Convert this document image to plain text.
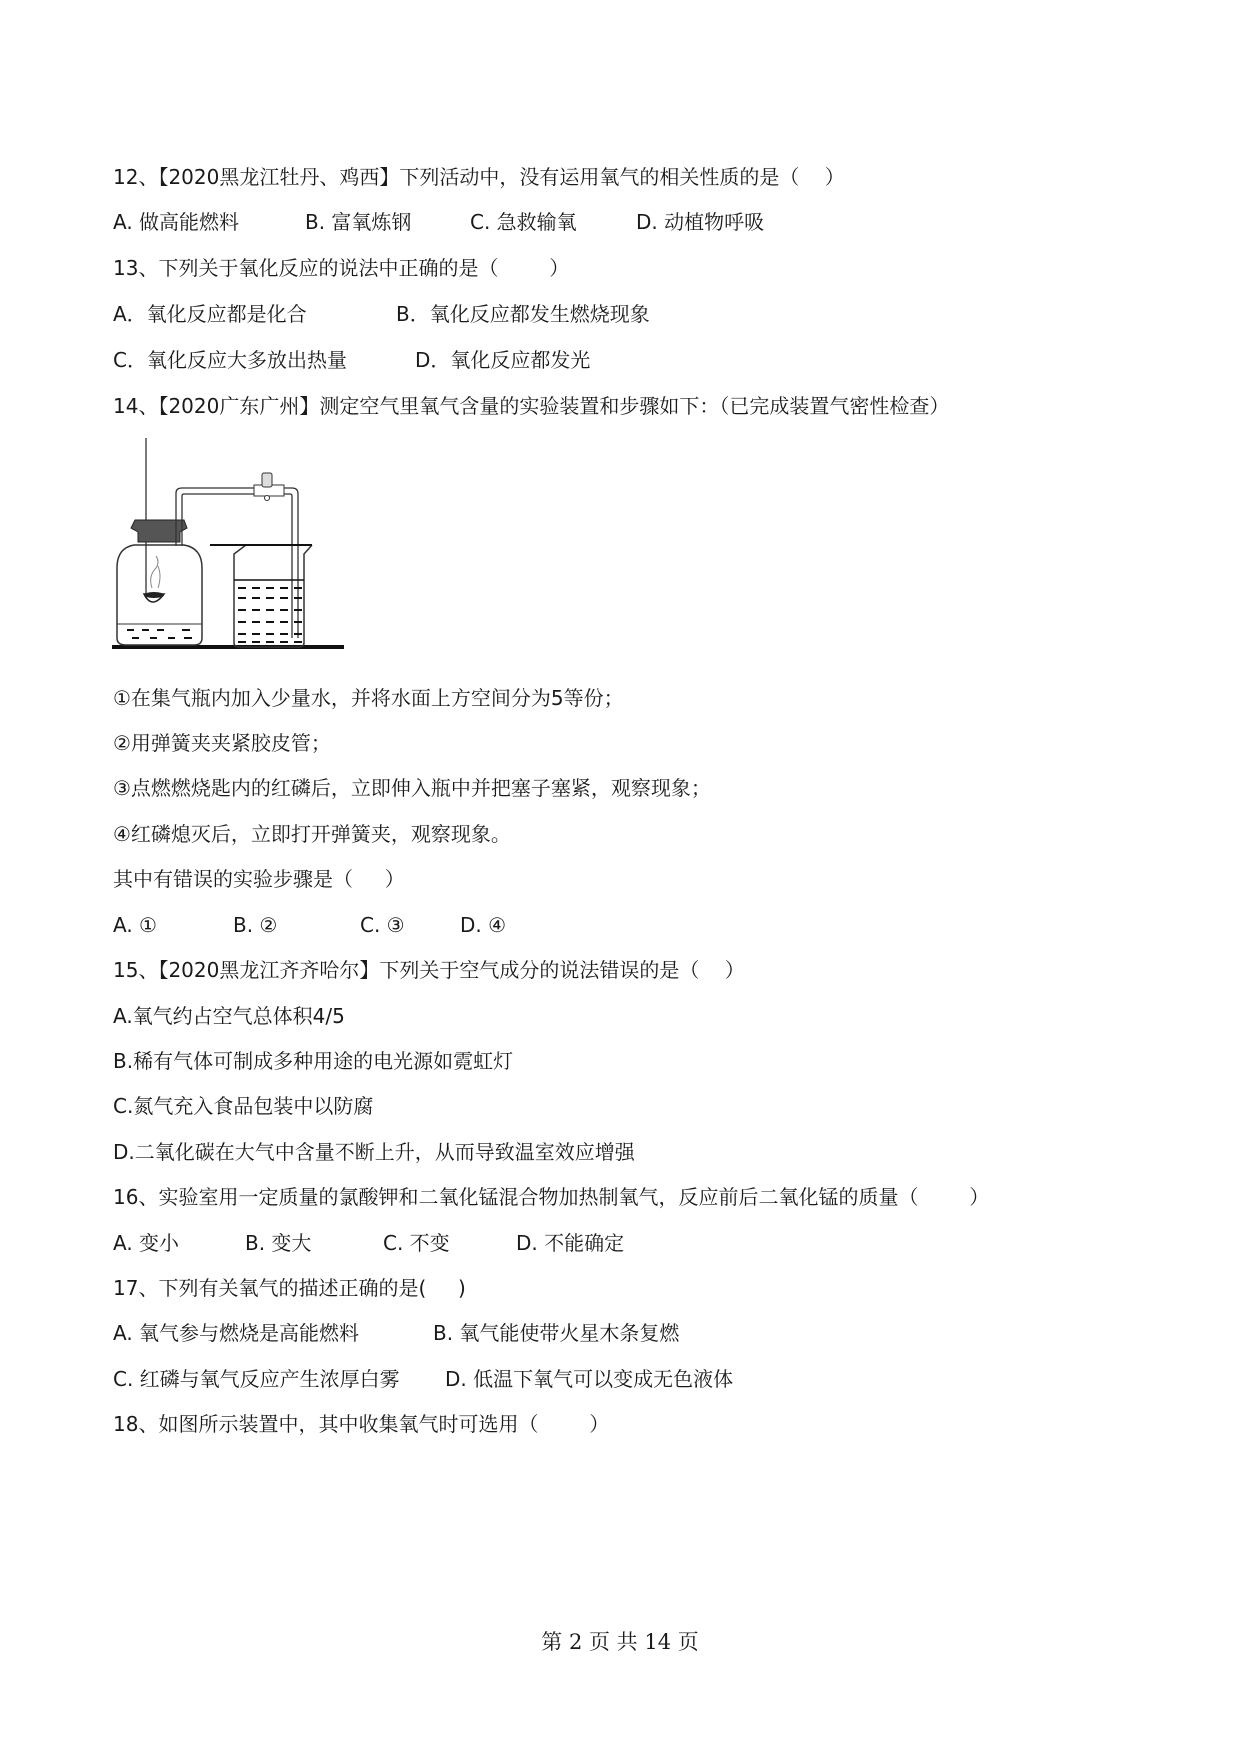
12、【2020黑龙江牡丹、鸡西】下列活动中，没有运用氧气的相关性质的是（    ）
A. 做高能燃料	B. 富氧炼钢	C. 急救输氧	D. 动植物呼吸
13、下列关于氧化反应的说法中正确的是（        ）
A．氧化反应都是化合	B．氧化反应都发生燃烧现象
C．氧化反应大多放出热量	D．氧化反应都发光
14、【2020广东广州】测定空气里氧气含量的实验装置和步骤如下：（已完成装置气密性检查）
①在集气瓶内加入少量水，并将水面上方空间分为5等份；
②用弹簧夹夹紧胶皮管；
③点燃燃烧匙内的红磷后，立即伸入瓶中并把塞子塞紧，观察现象；
④红磷熄灭后，立即打开弹簧夹，观察现象。
其中有错误的实验步骤是（     ）
A. ①	B. ②	C. ③	D. ④
15、【2020黑龙江齐齐哈尔】下列关于空气成分的说法错误的是（    ）
A.氧气约占空气总体积4/5
B.稀有气体可制成多种用途的电光源如霓虹灯
C.氮气充入食品包装中以防腐
D.二氧化碳在大气中含量不断上升，从而导致温室效应增强
16、实验室用一定质量的氯酸钾和二氧化锰混合物加热制氧气，反应前后二氧化锰的质量（        ）
A. 变小	B. 变大	C. 不变	D. 不能确定
17、下列有关氧气的描述正确的是(     )
A. 氧气参与燃烧是高能燃料	B. 氧气能使带火星木条复燃
C. 红磷与氧气反应产生浓厚白雾 D. 低温下氧气可以变成无色液体
18、如图所示装置中，其中收集氧气时可选用（        ）
第 2 页 共 14 页
